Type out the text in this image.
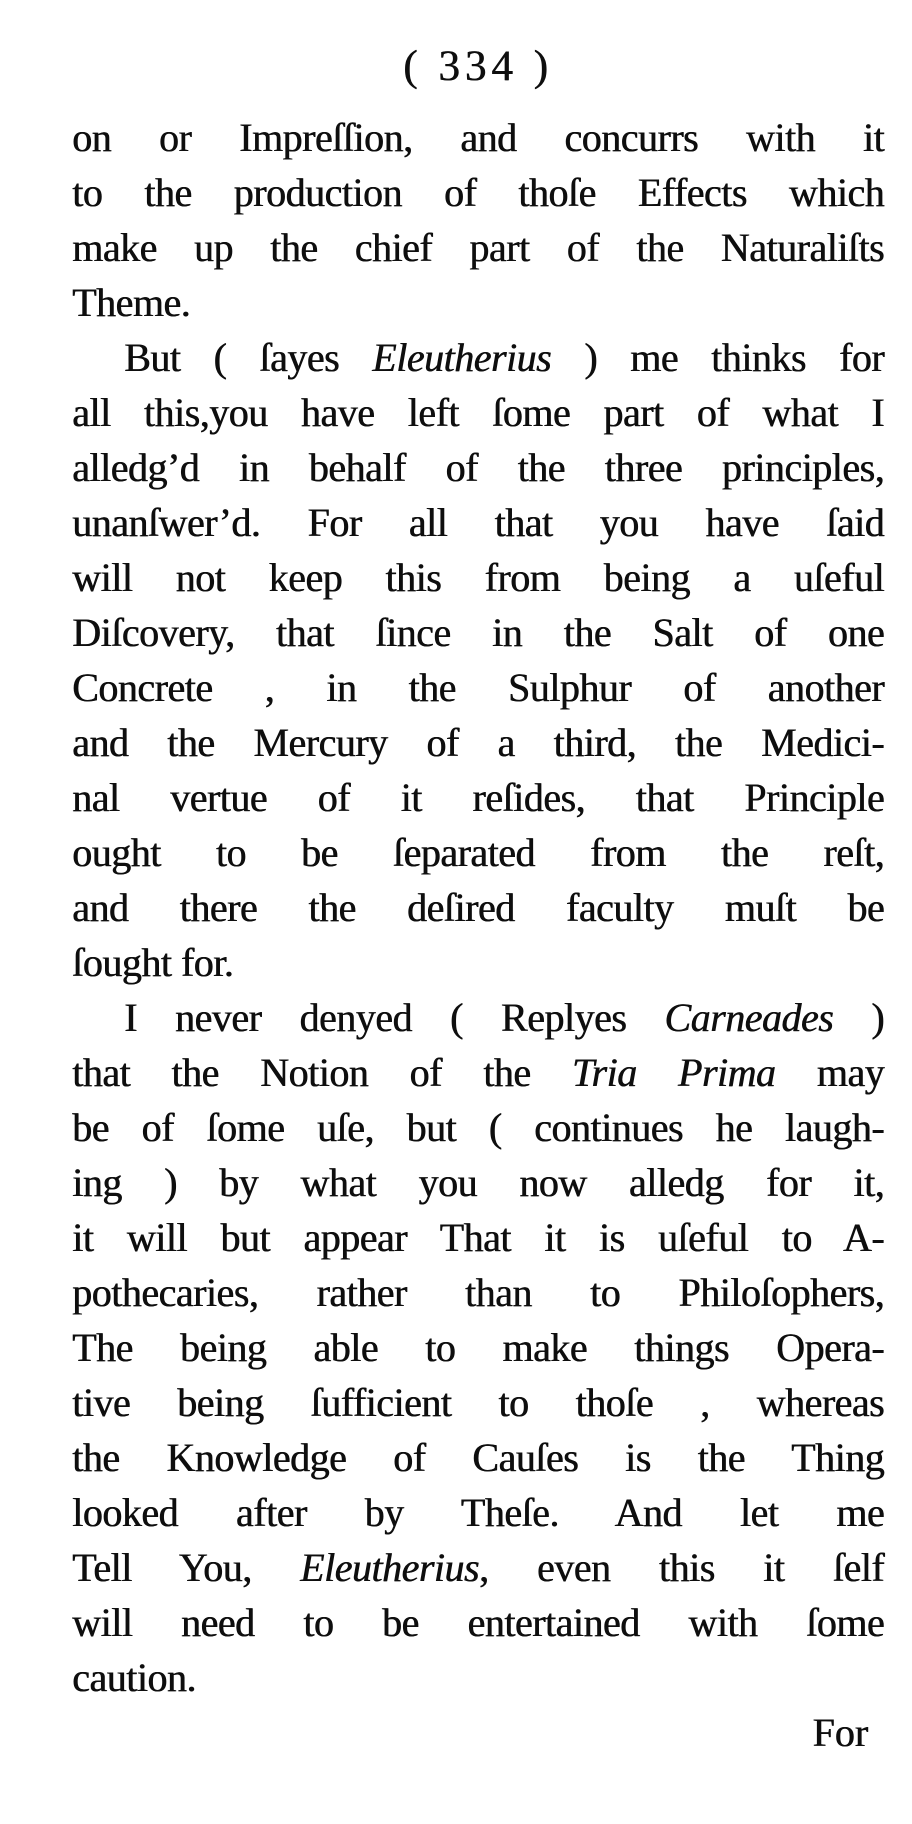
( 334 )
on or Impreſſion, and concurrs with it
to the production of thoſe Effects which
make up the chief part of the Naturaliſts
Theme.
But ( ſayes Eleutherius ) me thinks for
all this,you have left ſome part of what I
alledg’d in behalf of the three principles,
unanſwer’d. For all that you have ſaid
will not keep this from being a uſeful
Diſcovery, that ſince in the Salt of one
Concrete , in the Sulphur of another
and the Mercury of a third, the Medici-
nal vertue of it reſides, that Principle
ought to be ſeparated from the reſt,
and there the deſired faculty muſt be
ſought for.
I never denyed ( Replyes Carneades )
that the Notion of the Tria Prima may
be of ſome uſe, but ( continues he laugh-
ing ) by what you now alledg for it,
it will but appear That it is uſeful to A-
pothecaries, rather than to Philoſophers,
The being able to make things Opera-
tive being ſufficient to thoſe , whereas
the Knowledge of Cauſes is the Thing
looked after by Theſe. And let me
Tell You, Eleutherius, even this it ſelf
will need to be entertained with ſome
caution.
For
